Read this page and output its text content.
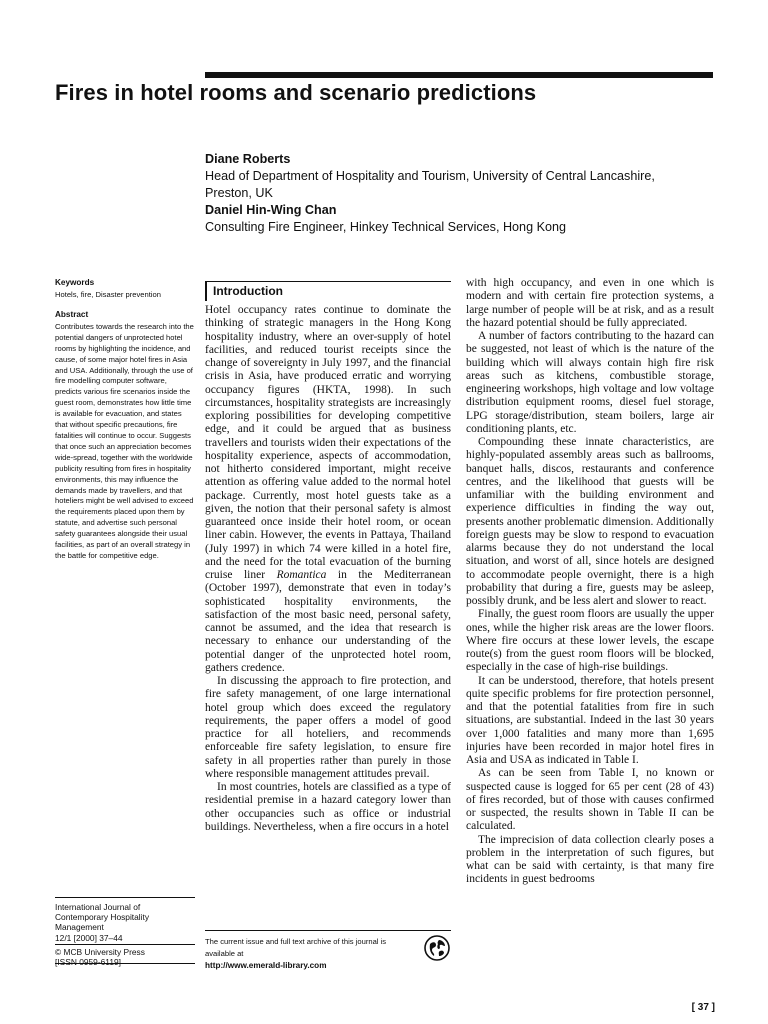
Fires in hotel rooms and scenario predictions
Diane Roberts
Head of Department of Hospitality and Tourism, University of Central Lancashire,
Preston, UK
Daniel Hin-Wing Chan
Consulting Fire Engineer, Hinkey Technical Services, Hong Kong
Keywords
Hotels, fire, Disaster prevention
Abstract
Contributes towards the research into the potential dangers of unprotected hotel rooms by highlighting the incidence, and cause, of some major hotel fires in Asia and USA. Additionally, through the use of fire modelling computer software, predicts various fire scenarios inside the guest room, demonstrates how little time is available for evacuation, and states that without specific precautions, fire fatalities will continue to occur. Suggests that once such an appreciation becomes wide-spread, together with the worldwide publicity resulting from fires in hospitality environments, this may influence the demands made by travellers, and that hoteliers might be well advised to exceed the requirements placed upon them by statute, and advertise such personal safety guarantees alongside their usual facilities, as part of an overall strategy in the battle for competitive edge.
International Journal of
Contemporary Hospitality
Management
12/1 [2000] 37–44
© MCB University Press
[ISSN 0959-6119]
Introduction

Hotel occupancy rates continue to dominate the thinking of strategic managers in the Hong Kong hospitality industry, where an over-supply of hotel facilities, and reduced tourist receipts since the change of sovereignty in July 1997, and the financial crisis in Asia, have produced erratic and worrying occupancy figures (HKTA, 1998). In such circumstances, hospitality strategists are increasingly exploring possibilities for developing competitive edge, and it could be argued that as business travellers and tourists widen their expectations of the hospitality experience, aspects of accommodation, not hitherto considered important, might receive attention as offering value added to the normal hotel package. Currently, most hotel guests take as a given, the notion that their personal safety is almost guaranteed once inside their hotel room, or ocean liner cabin. However, the events in Pattaya, Thailand (July 1997) in which 74 were killed in a hotel fire, and the need for the total evacuation of the burning cruise liner Romantica in the Mediterranean (October 1997), demonstrate that even in today’s sophisticated hospitality environments, the satisfaction of the most basic need, personal safety, cannot be assumed, and the idea that research is necessary to enhance our understanding of the potential danger of the unprotected hotel room, gathers credence.

In discussing the approach to fire protection, and fire safety management, of one large international hotel group which does exceed the regulatory requirements, the paper offers a model of good practice for all hoteliers, and recommends enforceable fire safety legislation, to ensure fire safety in all properties rather than purely in those where responsible management attitudes prevail.

In most countries, hotels are classified as a type of residential premise in a hazard category lower than other occupancies such as office or industrial buildings. Nevertheless, when a fire occurs in a hotel

with high occupancy, and even in one which is modern and with certain fire protection systems, a large number of people will be at risk, and as a result the hazard potential should be fully appreciated.

A number of factors contributing to the hazard can be suggested, not least of which is the nature of the building which will always contain high fire risk areas such as kitchens, combustible storage, engineering workshops, high voltage and low voltage distribution equipment rooms, diesel fuel storage, LPG storage/distribution, steam boilers, large air conditioning plants, etc.

Compounding these innate characteristics, are highly-populated assembly areas such as ballrooms, banquet halls, discos, restaurants and conference centres, and the likelihood that guests will be unfamiliar with the building environment and experience difficulties in finding the way out, presents another problematic dimension. Additionally foreign guests may be slow to respond to evacuation alarms because they do not understand the local situation, and worst of all, since hotels are designed to accommodate people overnight, there is a high probability that during a fire, guests may be asleep, possibly drunk, and be less alert and slower to react.

Finally, the guest room floors are usually the upper ones, while the higher risk areas are the lower floors. Where fire occurs at these lower levels, the escape route(s) from the guest room floors will be blocked, especially in the case of high-rise buildings.

It can be understood, therefore, that hotels present quite specific problems for fire protection personnel, and that the potential fatalities from fire in such situations, are substantial. Indeed in the last 30 years over 1,000 fatalities and many more than 1,695 injuries have been recorded in major hotel fires in Asia and USA as indicated in Table I.

As can be seen from Table I, no known or suspected cause is logged for 65 per cent (28 of 43) of fires recorded, but of those with causes confirmed or suspected, the results shown in Table II can be calculated.

The imprecision of data collection clearly poses a problem in the interpretation of such figures, but what can be said with certainty, is that many fire incidents in guest bedrooms

The current issue and full text archive of this journal is available at
http://www.emerald-library.com
[ 37 ]
